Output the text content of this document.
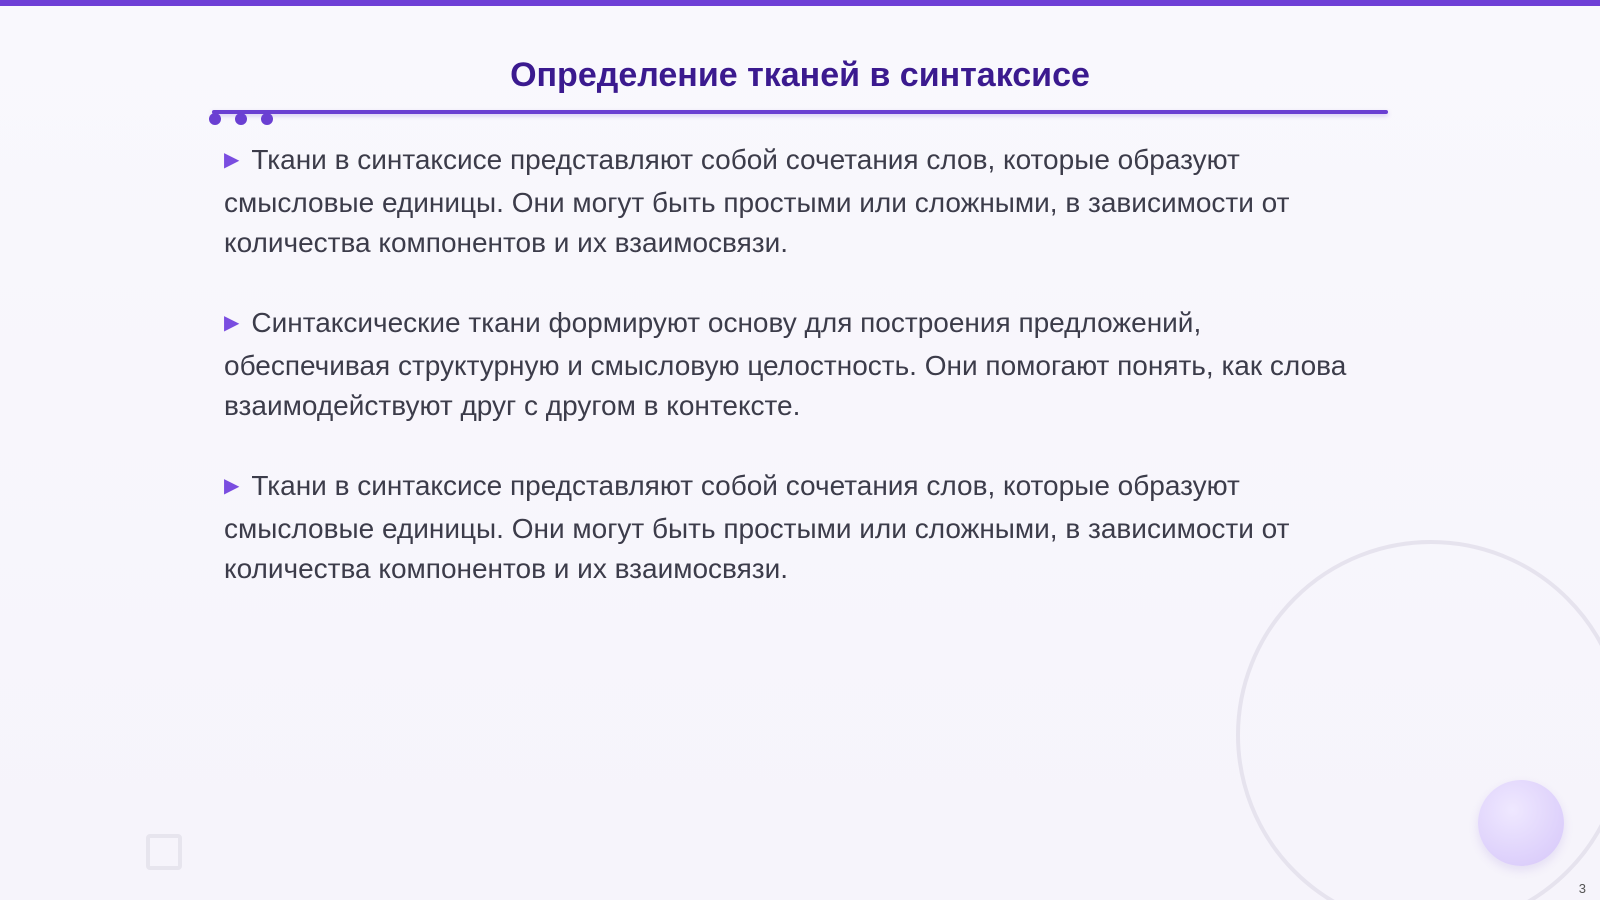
Определение тканей в синтаксисе

▶ Ткани в синтаксисе представляют собой сочетания слов, которые образуют смысловые единицы. Они могут быть простыми или сложными, в зависимости от количества компонентов и их взаимосвязи.

▶ Синтаксические ткани формируют основу для построения предложений, обеспечивая структурную и смысловую целостность. Они помогают понять, как слова взаимодействуют друг с другом в контексте.

▶ Ткани в синтаксисе представляют собой сочетания слов, которые образуют смысловые единицы. Они могут быть простыми или сложными, в зависимости от количества компонентов и их взаимосвязи.

3
